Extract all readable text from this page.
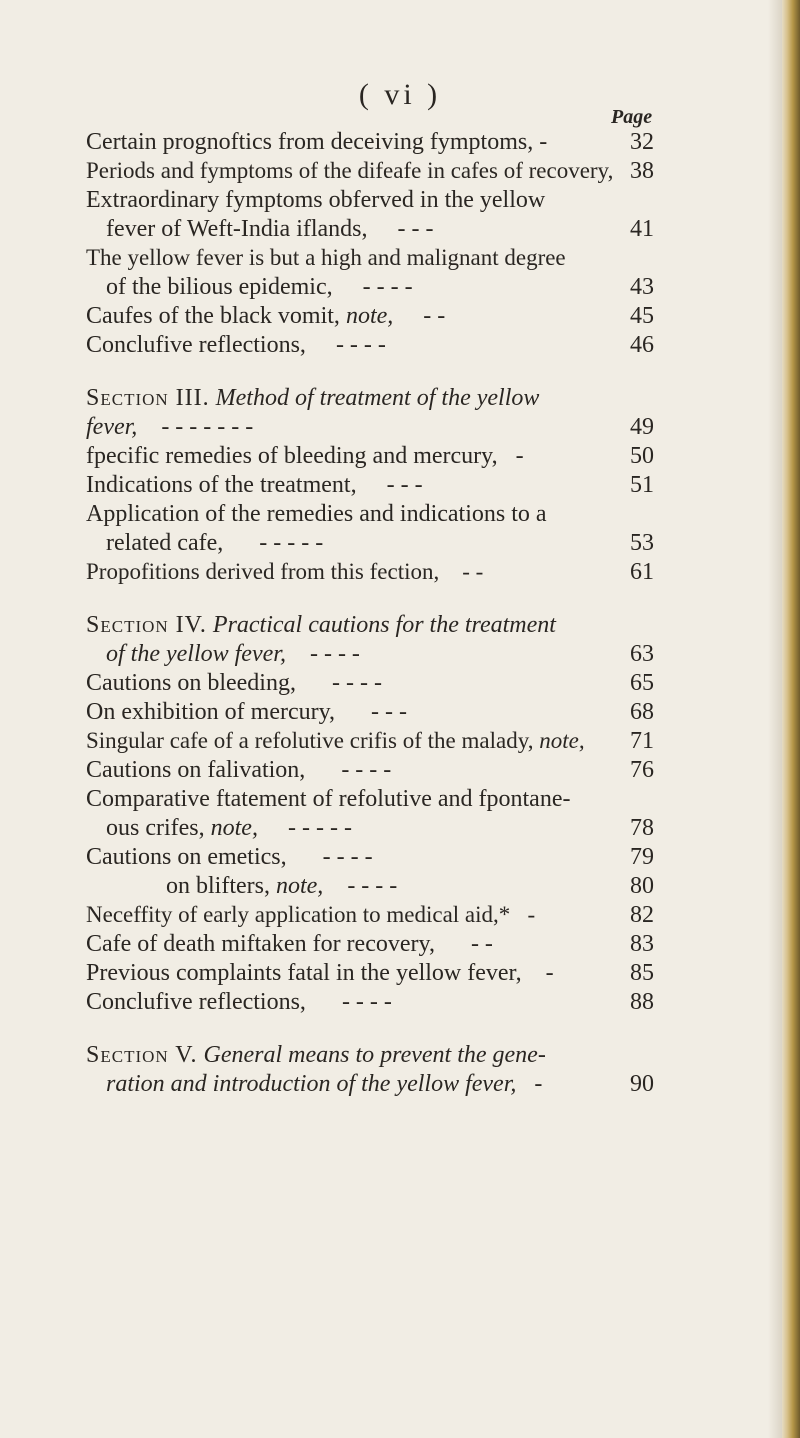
( vi )
Page
Certain prognoftics from deceiving fymptoms, -	32
Periods and fymptoms of the difeafe in cafes of recovery, 38
Extraordinary fymptoms obferved in the yellow
fever of Weft-India iflands, - - -	41
The yellow fever is but a high and malignant degree
of the bilious epidemic, - - - -	43
Caufes of the black vomit, note, - -	45
Conclufive reflections, - - - -	46
Section III. Method of treatment of the yellow
fever, - - - - - - -	49
fpecific remedies of bleeding and mercury, -	50
Indications of the treatment, - - -	51
Application of the remedies and indications to a
related cafe, - - - - -	53
Propofitions derived from this fection, - -	61
Section IV. Practical cautions for the treatment
of the yellow fever, - - - -	63
Cautions on bleeding, - - - -	65
On exhibition of mercury, - - -	68
Singular cafe of a refolutive crifis of the malady, note,	71
Cautions on falivation, - - - -	76
Comparative ftatement of refolutive and fpontane-
ous crifes, note, - - - - -	78
Cautions on emetics, - - - -	79
on blifters, note, - - - -	80
Neceffity of early application to medical aid,* -	82
Cafe of death miftaken for recovery, - -	83
Previous complaints fatal in the yellow fever, -	85
Conclufive reflections, - - - -	88
Section V. General means to prevent the gene-
ration and introduction of the yellow fever, -	90
